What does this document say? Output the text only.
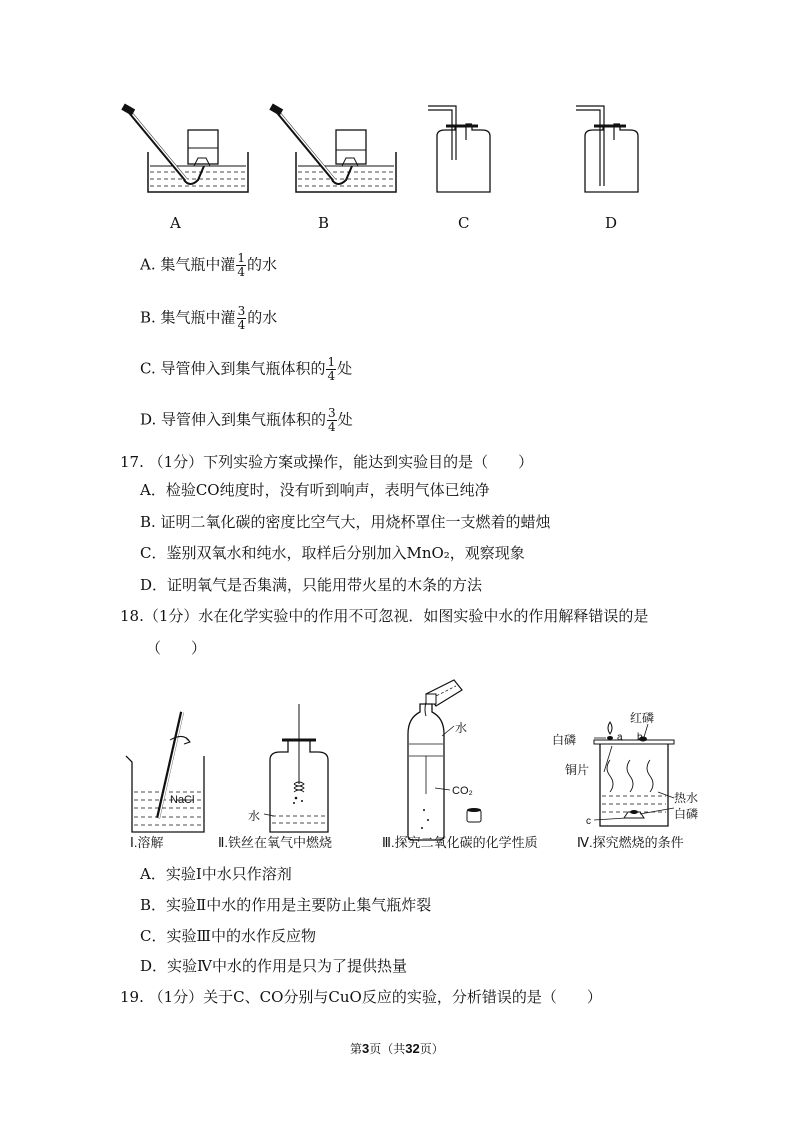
A	B	C	D
A. 集气瓶中灌 $\frac{1}{4}$ 的水
B. 集气瓶中灌 $\frac{3}{4}$ 的水
C. 导管伸入到集气瓶体积的 $\frac{1}{4}$ 处
D. 导管伸入到集气瓶体积的 $\frac{3}{4}$ 处
17. （1分）下列实验方案或操作，能达到实验目的是（　　）
A．检验CO纯度时，没有听到响声，表明气体已纯净
B. 证明二氧化碳的密度比空气大，用烧杯罩住一支燃着的蜡烛
C．鉴别双氧水和纯水，取样后分别加入MnO₂，观察现象
D．证明氧气是否集满，只能用带火星的木条的方法
18.（1分）水在化学实验中的作用不可忽视．如图实验中水的作用解释错误的是
（　　）
NaCl
水
水
CO₂
红磷
白磷	a b
铜片
热水
c
白磷
Ⅰ.溶解	Ⅱ.铁丝在氧气中燃烧	Ⅲ.探究二氧化碳的化学性质	Ⅳ.探究燃烧的条件
A．实验Ⅰ中水只作溶剂
B．实验Ⅱ中水的作用是主要防止集气瓶炸裂
C．实验Ⅲ中的水作反应物
D．实验Ⅳ中水的作用是只为了提供热量
19. （1分）关于C、CO分别与CuO反应的实验，分析错误的是（　　）
第3页（共32页）
